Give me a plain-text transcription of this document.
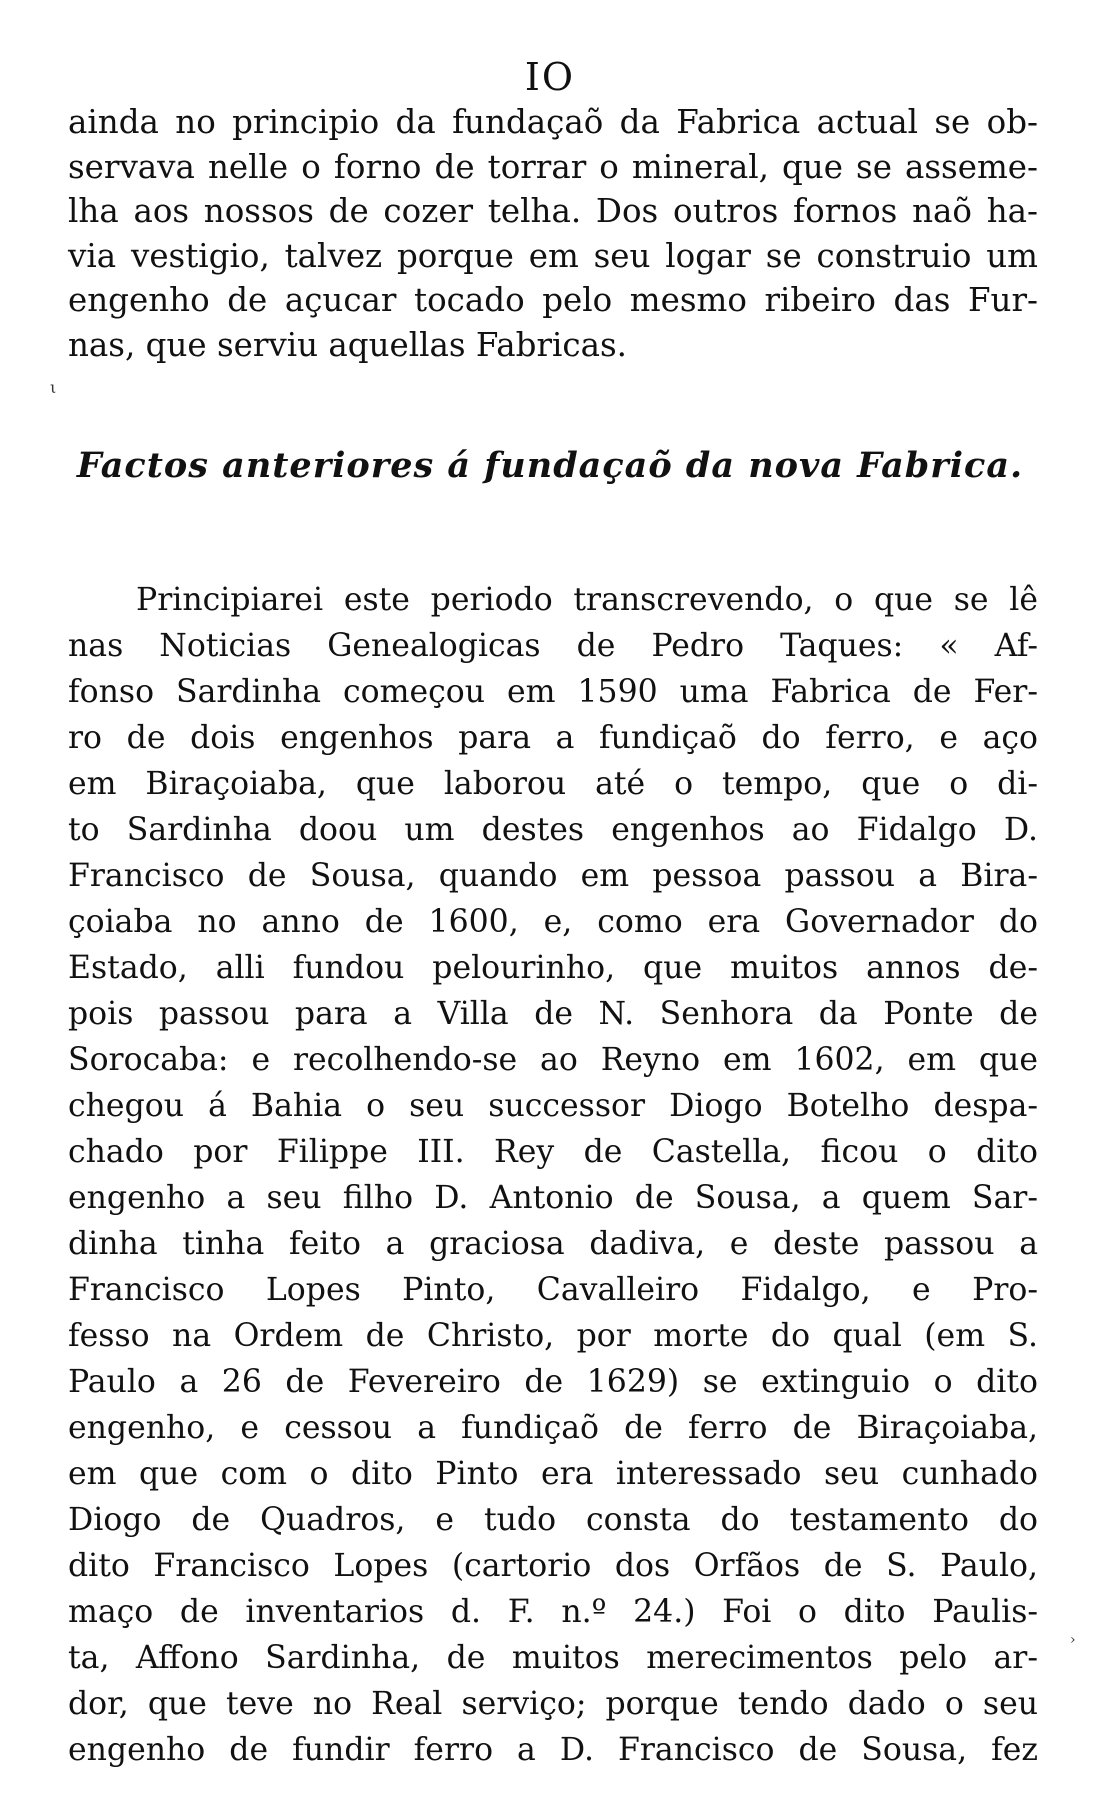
IO
ainda no principio da fundaçaõ da Fabrica actual se ob-
servava nelle o forno de torrar o mineral, que se asseme-
lha aos nossos de cozer telha. Dos outros fornos naõ ha-
via vestigio, talvez porque em seu logar se construio um
engenho de açucar tocado pelo mesmo ribeiro das Fur-
nas, que serviu aquellas Fabricas.
ι
Factos anteriores á fundaçaõ da nova Fabrica.
Principiarei este periodo transcrevendo, o que se lê
nas Noticias Genealogicas de Pedro Taques: « Af-
fonso Sardinha começou em 1590 uma Fabrica de Fer-
ro de dois engenhos para a fundiçaõ do ferro, e aço
em Biraçoiaba, que laborou até o tempo, que o di-
to Sardinha doou um destes engenhos ao Fidalgo D.
Francisco de Sousa, quando em pessoa passou a Bira-
çoiaba no anno de 1600, e, como era Governador do
Estado, alli fundou pelourinho, que muitos annos de-
pois passou para a Villa de N. Senhora da Ponte de
Sorocaba: e recolhendo-se ao Reyno em 1602, em que
chegou á Bahia o seu successor Diogo Botelho despa-
chado por Filippe III. Rey de Castella, ficou o dito
engenho a seu filho D. Antonio de Sousa, a quem Sar-
dinha tinha feito a graciosa dadiva, e deste passou a
Francisco Lopes Pinto, Cavalleiro Fidalgo, e Pro-
fesso na Ordem de Christo, por morte do qual (em S.
Paulo a 26 de Fevereiro de 1629) se extinguio o dito
engenho, e cessou a fundiçaõ de ferro de Biraçoiaba,
em que com o dito Pinto era interessado seu cunhado
Diogo de Quadros, e tudo consta do testamento do
dito Francisco Lopes (cartorio dos Orfãos de S. Paulo,
maço de inventarios d. F. n.º 24.) Foi o dito Paulis-
ta, Affono Sardinha, de muitos merecimentos pelo ar-
dor, que teve no Real serviço; porque tendo dado o seu
engenho de fundir ferro a D. Francisco de Sousa, fez
›
